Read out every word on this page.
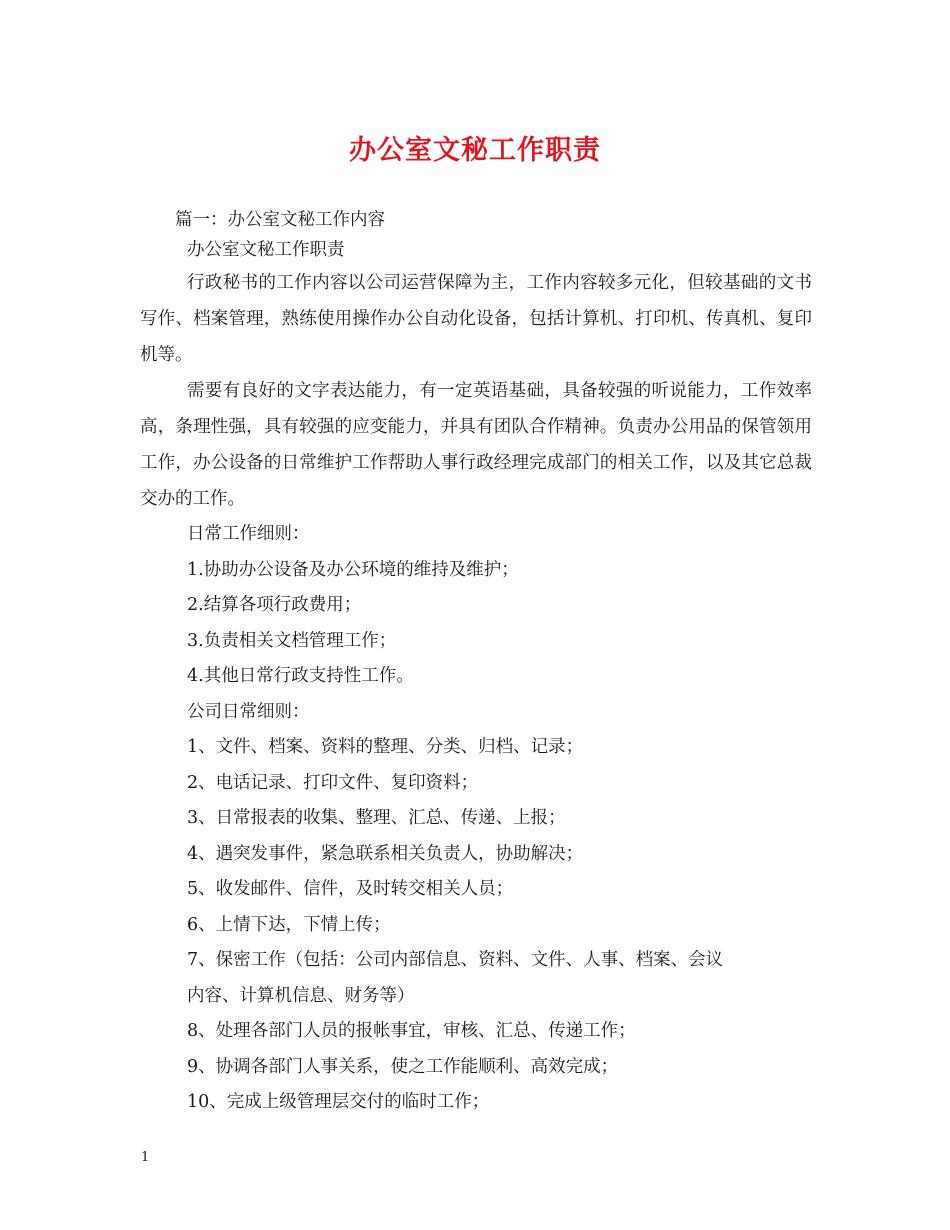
办公室文秘工作职责
篇一：办公室文秘工作内容
办公室文秘工作职责

行政秘书的工作内容以公司运营保障为主，工作内容较多元化，但较基础的文书写作、档案管理，熟练使用操作办公自动化设备，包括计算机、打印机、传真机、复印机等。

需要有良好的文字表达能力，有一定英语基础，具备较强的听说能力，工作效率高，条理性强，具有较强的应变能力，并具有团队合作精神。负责办公用品的保管领用工作，办公设备的日常维护工作帮助人事行政经理完成部门的相关工作，以及其它总裁交办的工作。

日常工作细则：
1.协助办公设备及办公环境的维持及维护；
2.结算各项行政费用；
3.负责相关文档管理工作；
4.其他日常行政支持性工作。
公司日常细则：
1、文件、档案、资料的整理、分类、归档、记录；
2、电话记录、打印文件、复印资料；
3、日常报表的收集、整理、汇总、传递、上报；
4、遇突发事件，紧急联系相关负责人，协助解决；
5、收发邮件、信件，及时转交相关人员；
6、上情下达，下情上传；
7、保密工作（包括：公司内部信息、资料、文件、人事、档案、会议
内容、计算机信息、财务等）
8、处理各部门人员的报帐事宜，审核、汇总、传递工作；
9、协调各部门人事关系，使之工作能顺利、高效完成；
10、完成上级管理层交付的临时工作；
1
